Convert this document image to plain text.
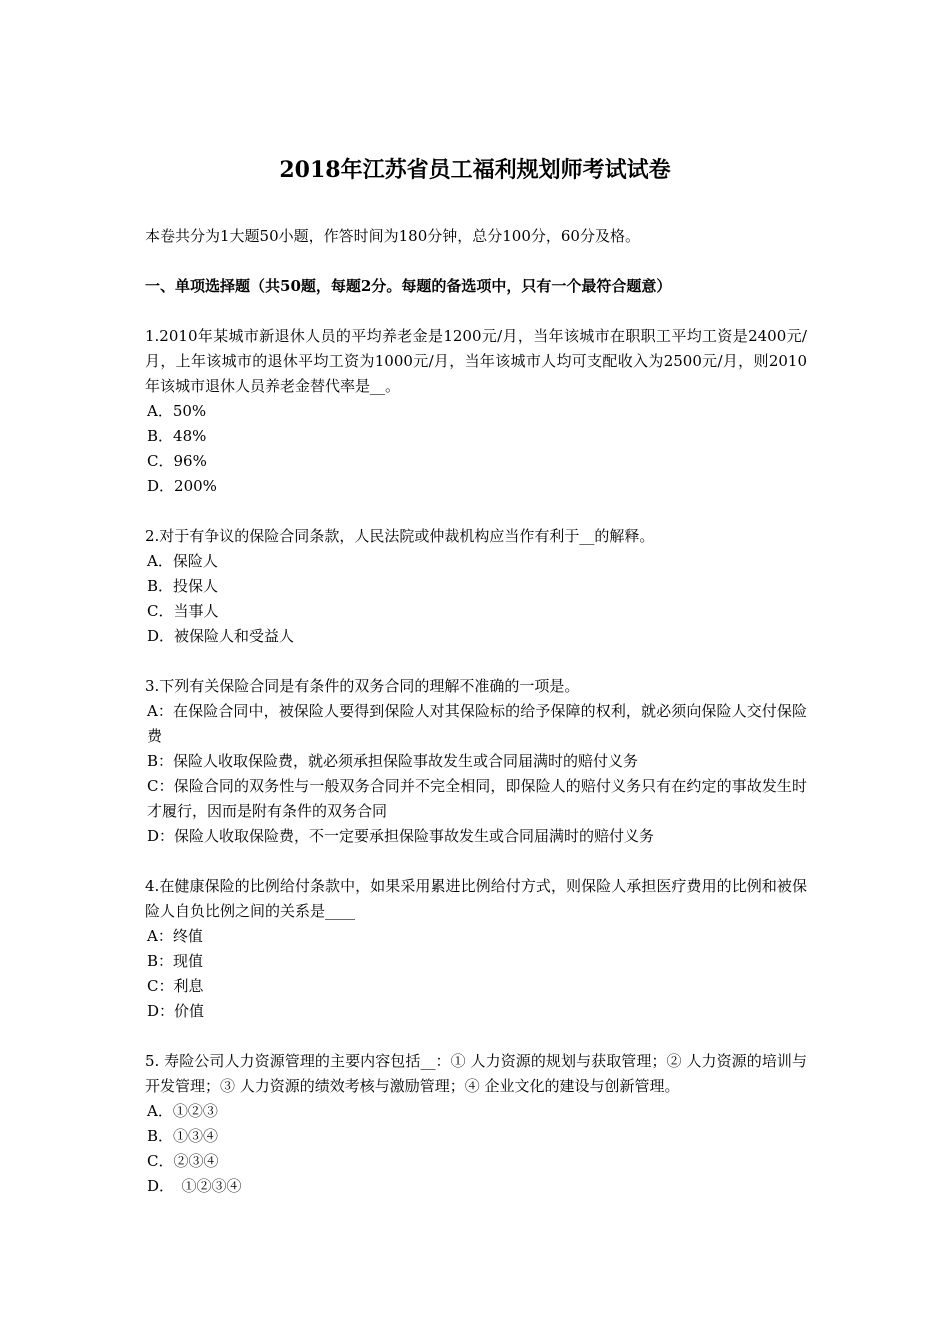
2018年江苏省员工福利规划师考试试卷

本卷共分为1大题50小题，作答时间为180分钟，总分100分，60分及格。

一、单项选择题（共50题，每题2分。每题的备选项中，只有一个最符合题意）

1.2010年某城市新退休人员的平均养老金是1200元/月，当年该城市在职职工平均工资是2400元/月，上年该城市的退休平均工资为1000元/月，当年该城市人均可支配收入为2500元/月，则2010年该城市退休人员养老金替代率是__。

A．50%

B．48%

C．96%

D．200%

2.对于有争议的保险合同条款，人民法院或仲裁机构应当作有利于__的解释。

A．保险人

B．投保人

C．当事人

D．被保险人和受益人

3.下列有关保险合同是有条件的双务合同的理解不准确的一项是。

A：在保险合同中，被保险人要得到保险人对其保险标的给予保障的权利，就必须向保险人交付保险费

B：保险人收取保险费，就必须承担保险事故发生或合同届满时的赔付义务

C：保险合同的双务性与一般双务合同并不完全相同，即保险人的赔付义务只有在约定的事故发生时才履行，因而是附有条件的双务合同

D：保险人收取保险费，不一定要承担保险事故发生或合同届满时的赔付义务

4.在健康保险的比例给付条款中，如果采用累进比例给付方式，则保险人承担医疗费用的比例和被保险人自负比例之间的关系是____

A：终值

B：现值

C：利息

D：价值

5. 寿险公司人力资源管理的主要内容包括__：① 人力资源的规划与获取管理；② 人力资源的培训与开发管理；③ 人力资源的绩效考核与激励管理；④ 企业文化的建设与创新管理。

A．①②③

B．①③④

C．②③④

D．　①②③④
